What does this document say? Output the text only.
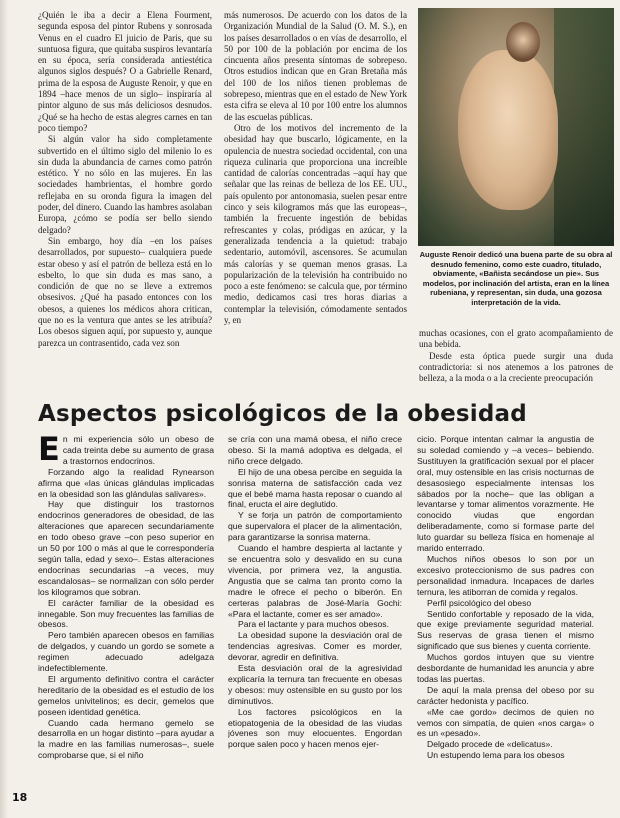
¿Quién le iba a decir a Elena Fourment, segunda esposa del pintor Rubens y sonrosada Venus en el cuadro El juicio de Paris, que su suntuosa figura, que quitaba suspiros levantaría en su época, sería considerada antiestética algunos siglos después? O a Gabrielle Renard, prima de la esposa de Auguste Renoir, y que en 1894 –hace menos de un siglo– inspiraría al pintor alguno de sus más deliciosos desnudos. ¿Qué se ha hecho de estas alegres carnes en tan poco tiempo?

Si algún valor ha sido completamente subvertido en el último siglo del milenio lo es sin duda la abundancia de carnes como patrón estético. Y no sólo en las mujeres. En las sociedades hambrientas, el hombre gordo reflejaba en su oronda figura la imagen del poder, del dinero. Cuando las hambres asolaban Europa, ¿cómo se podía ser bello siendo delgado?

Sin embargo, hoy día –en los países desarrollados, por supuesto– cualquiera puede estar obeso y así el patrón de belleza está en lo esbelto, lo que sin duda es mas sano, a condición de que no se lleve a extremos obsesivos. ¿Qué ha pasado entonces con los obesos, a quienes los médicos ahora critican, que no es la ventura que antes se les atribuía? Los obesos siguen aquí, por supuesto y, aunque parezca un contrasentido, cada vez son

más numerosos. De acuerdo con los datos de la Organización Mundial de la Salud (O. M. S.), en los países desarrollados o en vías de desarrollo, el 50 por 100 de la población por encima de los cincuenta años presenta síntomas de sobrepeso. Otros estudios indican que en Gran Bretaña más del 100 de los niños tienen problemas de sobrepeso, mientras que en el estado de New York esta cifra se eleva al 10 por 100 entre los alumnos de las escuelas públicas.

Otro de los motivos del incremento de la obesidad hay que buscarlo, lógicamente, en la opulencia de nuestra sociedad occidental, con una riqueza culinaria que proporciona una increíble cantidad de calorías concentradas –aquí hay que señalar que las reinas de belleza de los EE. UU., país opulento por antonomasia, suelen pesar entre cinco y seis kilogramos más que las europeas–, también la frecuente ingestión de bebidas refrescantes y colas, pródigas en azúcar, y la generalizada tendencia a la quietud: trabajo sedentario, automóvil, ascensores. Se acumulan más calorías y se queman menos grasas. La popularización de la televisión ha contribuido no poco a este fenómeno: se calcula que, por término medio, dedicamos casi tres horas diarias a contemplar la televisión, cómodamente sentados y, en

Auguste Renoir dedicó una buena parte de su obra al desnudo femenino, como este cuadro, titulado, obviamente, «Bañista secándose un pie». Sus modelos, por inclinación del artista, eran en la línea rubeniana, y representan, sin duda, una gozosa interpretación de la vida.

muchas ocasiones, con el grato acompañamiento de una bebida.

Desde esta óptica puede surgir una duda contradictoria: si nos atenemos a los patrones de belleza, a la moda o a la creciente preocupación

Aspectos psicológicos de la obesidad

En mi experiencia sólo un obeso de cada treinta debe su aumento de grasa a trastornos endocrinos.

Forzando algo la realidad Rynearson afirma que «las únicas glándulas implicadas en la obesidad son las glándulas salivares».

Hay que distinguir los trastornos endocrinos generadores de obesidad, de las alteraciones que aparecen secundariamente en todo obeso grave –con peso superior en un 50 por 100 o más al que le correspondería según talla, edad y sexo–. Estas alteraciones endocrinas secundarias –a veces, muy escandalosas– se normalizan con sólo perder los kilogramos que sobran.

El carácter familiar de la obesidad es innegable. Son muy frecuentes las familias de obesos.

Pero también aparecen obesos en familias de delgados, y cuando un gordo se somete a regimen adecuado adelgaza indefectiblemente.

El argumento definitivo contra el carácter hereditario de la obesidad es el estudio de los gemelos univitelinos; es decir, gemelos que poseen identidad genética.

Cuando cada hermano gemelo se desarrolla en un hogar distinto –para ayudar a la madre en las familias numerosas–, suele comprobarse que, si el niño

se cría con una mamá obesa, el niño crece obeso. Si la mamá adoptiva es delgada, el niño crece delgado.

El hijo de una obesa percibe en seguida la sonrisa materna de satisfacción cada vez que el bebé mama hasta reposar o cuando al final, eructa el aire deglutido.

Y se forja un patrón de comportamiento que supervalora el placer de la alimentación, para garantizarse la sonrisa materna.

Cuando el hambre despierta al lactante y se encuentra solo y desvalido en su cuna vivencia, por primera vez, la angustia. Angustia que se calma tan pronto como la madre le ofrece el pecho o biberón. En certeras palabras de José-María Gochi: «Para el lactante, comer es ser amado».

Para el lactante y para muchos obesos.

La obesidad supone la desviación oral de tendencias agresivas. Comer es morder, devorar, agredir en definitiva.

Esta desviación oral de la agresividad explicaría la ternura tan frecuente en obesas y obesos: muy ostensible en su gusto por los diminutivos.

Los factores psicológicos en la etiopatogenia de la obesidad de las viudas jóvenes son muy elocuentes. Engordan porque salen poco y hacen menos ejer-

cicio. Porque intentan calmar la angustia de su soledad comiendo y –a veces– bebiendo. Sustituyen la gratificación sexual por el placer oral, muy ostensible en las crisis nocturnas de desasosiego especialmente intensas los sábados por la noche– que las obligan a levantarse y tomar alimentos vorazmente. He conocido viudas que engordan deliberadamente, como si formase parte del luto guardar su belleza física en homenaje al marido enterrado.

Muchos niños obesos lo son por un excesivo proteccionismo de sus padres con personalidad inmadura. Incapaces de darles ternura, les atiborran de comida y regalos.

Perfil psicológico del obeso

Sentido confortable y reposado de la vida, que exige previamente seguridad material. Sus reservas de grasa tienen el mismo significado que sus bienes y cuenta corriente.

Muchos gordos intuyen que su vientre desbordante de humanidad les anuncia y abre todas las puertas.

De aquí la mala prensa del obeso por su carácter hedonista y pacífico.

«Me cae gordo» decimos de quien no vemos con simpatía, de quien «nos carga» o es un «pesado».

Delgado procede de «delicatus».

Un estupendo lema para los obesos

18
